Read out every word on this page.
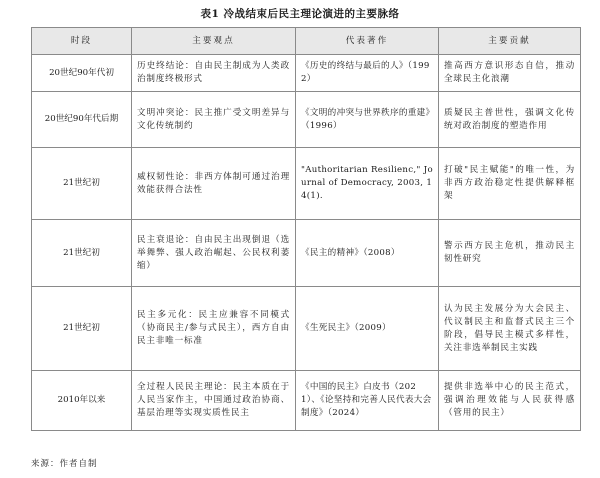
表1 冷战结束后民主理论演进的主要脉络
时段	主要观点	代表著作	主要贡献
20世纪90年代初	历史终结论：自由民主制成为人类政治制度终极形式	《历史的终结与最后的人》（1992）	推高西方意识形态自信，推动全球民主化浪潮
20世纪90年代后期	文明冲突论：民主推广受文明差异与文化传统制约	《文明的冲突与世界秩序的重建》（1996）	质疑民主普世性，强调文化传统对政治制度的塑造作用
21世纪初	威权韧性论：非西方体制可通过治理效能获得合法性	"Authoritarian Resilienc," Journal of Democracy, 2003, 14(1).	打破"民主赋能"的唯一性，为非西方政治稳定性提供解释框架
21世纪初	民主衰退论：自由民主出现倒退（选举舞弊、强人政治崛起、公民权利萎缩）	《民主的精神》（2008）	警示西方民主危机，推动民主韧性研究
21世纪初	民主多元化：民主应兼容不同模式（协商民主/参与式民主），西方自由民主非唯一标准	《生死民主》（2009）	认为民主发展分为大会民主、代议制民主和监督式民主三个阶段，倡导民主模式多样性，关注非选举制民主实践
2010年以来	全过程人民民主理论：民主本质在于人民当家作主，中国通过政治协商、基层治理等实现实质性民主	《中国的民主》白皮书（2021）、《论坚持和完善人民代表大会制度》（2024）	提供非选举中心的民主范式，强调治理效能与人民获得感（管用的民主）
来源：作者自制
